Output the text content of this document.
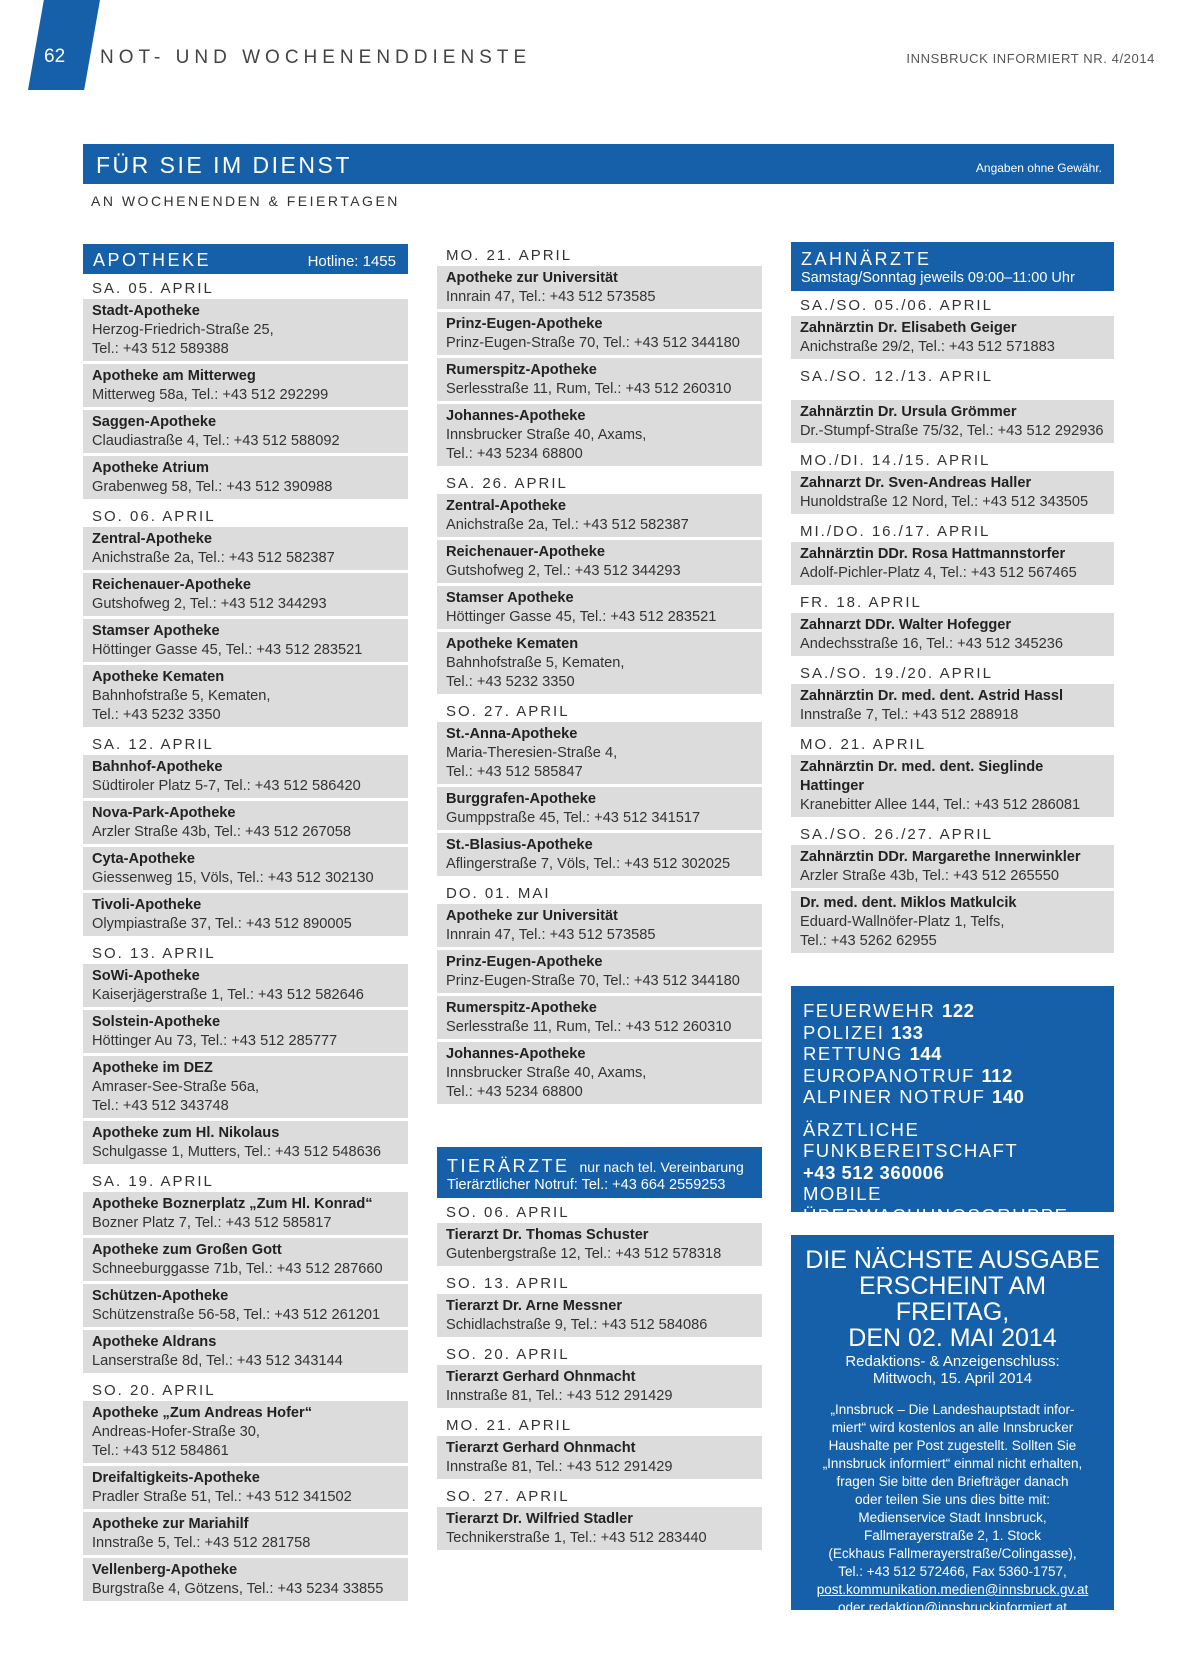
62 NOT- UND WOCHENENDDIENSTE	INNSBRUCK INFORMIERT NR. 4/2014
FÜR SIE IM DIENST	Angaben ohne Gewähr.
AN WOCHENENDEN & FEIERTAGEN
APOTHEKE	Hotline: 1455
SA. 05. APRIL
Stadt-Apotheke
Herzog-Friedrich-Straße 25,
Tel.: +43 512 589388
Apotheke am Mitterweg
Mitterweg 58a, Tel.: +43 512 292299
Saggen-Apotheke
Claudiastraße 4, Tel.: +43 512 588092
Apotheke Atrium
Grabenweg 58, Tel.: +43 512 390988
SO. 06. APRIL
Zentral-Apotheke
Anichstraße 2a, Tel.: +43 512 582387
Reichenauer-Apotheke
Gutshofweg 2, Tel.: +43 512 344293
Stamser Apotheke
Höttinger Gasse 45, Tel.: +43 512 283521
Apotheke Kematen
Bahnhofstraße 5, Kematen,
Tel.: +43 5232 3350
SA. 12. APRIL
Bahnhof-Apotheke
Südtiroler Platz 5-7, Tel.: +43 512 586420
Nova-Park-Apotheke
Arzler Straße 43b, Tel.: +43 512 267058
Cyta-Apotheke
Giessenweg 15, Völs, Tel.: +43 512 302130
Tivoli-Apotheke
Olympiastraße 37, Tel.: +43 512 890005
SO. 13. APRIL
SoWi-Apotheke
Kaiserjägerstraße 1, Tel.: +43 512 582646
Solstein-Apotheke
Höttinger Au 73, Tel.: +43 512 285777
Apotheke im DEZ
Amraser-See-Straße 56a,
Tel.: +43 512 343748
Apotheke zum Hl. Nikolaus
Schulgasse 1, Mutters, Tel.: +43 512 548636
SA. 19. APRIL
Apotheke Boznerplatz „Zum Hl. Konrad“
Bozner Platz 7, Tel.: +43 512 585817
Apotheke zum Großen Gott
Schneeburggasse 71b, Tel.: +43 512 287660
Schützen-Apotheke
Schützenstraße 56-58, Tel.: +43 512 261201
Apotheke Aldrans
Lanserstraße 8d, Tel.: +43 512 343144
SO. 20. APRIL
Apotheke „Zum Andreas Hofer“
Andreas-Hofer-Straße 30,
Tel.: +43 512 584861
Dreifaltigkeits-Apotheke
Pradler Straße 51, Tel.: +43 512 341502
Apotheke zur Mariahilf
Innstraße 5, Tel.: +43 512 281758
Vellenberg-Apotheke
Burgstraße 4, Götzens, Tel.: +43 5234 33855
MO. 21. APRIL
Apotheke zur Universität
Innrain 47, Tel.: +43 512 573585
Prinz-Eugen-Apotheke
Prinz-Eugen-Straße 70, Tel.: +43 512 344180
Rumerspitz-Apotheke
Serlesstraße 11, Rum, Tel.: +43 512 260310
Johannes-Apotheke
Innsbrucker Straße 40, Axams,
Tel.: +43 5234 68800
SA. 26. APRIL
Zentral-Apotheke
Anichstraße 2a, Tel.: +43 512 582387
Reichenauer-Apotheke
Gutshofweg 2, Tel.: +43 512 344293
Stamser Apotheke
Höttinger Gasse 45, Tel.: +43 512 283521
Apotheke Kematen
Bahnhofstraße 5, Kematen,
Tel.: +43 5232 3350
SO. 27. APRIL
St.-Anna-Apotheke
Maria-Theresien-Straße 4,
Tel.: +43 512 585847
Burggrafen-Apotheke
Gumppstraße 45, Tel.: +43 512 341517
St.-Blasius-Apotheke
Aflingerstraße 7, Völs, Tel.: +43 512 302025
DO. 01. MAI
Apotheke zur Universität
Innrain 47, Tel.: +43 512 573585
Prinz-Eugen-Apotheke
Prinz-Eugen-Straße 70, Tel.: +43 512 344180
Rumerspitz-Apotheke
Serlesstraße 11, Rum, Tel.: +43 512 260310
Johannes-Apotheke
Innsbrucker Straße 40, Axams,
Tel.: +43 5234 68800
TIERÄRZTE nur nach tel. Vereinbarung
Tierärztlicher Notruf: Tel.: +43 664 2559253
SO. 06. APRIL
Tierarzt Dr. Thomas Schuster
Gutenbergstraße 12, Tel.: +43 512 578318
SO. 13. APRIL
Tierarzt Dr. Arne Messner
Schidlachstraße 9, Tel.: +43 512 584086
SO. 20. APRIL
Tierarzt Gerhard Ohnmacht
Innstraße 81, Tel.: +43 512 291429
MO. 21. APRIL
Tierarzt Gerhard Ohnmacht
Innstraße 81, Tel.: +43 512 291429
SO. 27. APRIL
Tierarzt Dr. Wilfried Stadler
Technikerstraße 1, Tel.: +43 512 283440
ZAHNÄRZTE
Samstag/Sonntag jeweils 09:00–11:00 Uhr
SA./SO. 05./06. APRIL
Zahnärztin Dr. Elisabeth Geiger
Anichstraße 29/2, Tel.: +43 512 571883
SA./SO. 12./13. APRIL
Zahnärztin Dr. Ursula Grömmer
Dr.-Stumpf-Straße 75/32, Tel.: +43 512 292936
MO./DI. 14./15. APRIL
Zahnarzt Dr. Sven-Andreas Haller
Hunoldstraße 12 Nord, Tel.: +43 512 343505
MI./DO. 16./17. APRIL
Zahnärztin DDr. Rosa Hattmannstorfer
Adolf-Pichler-Platz 4, Tel.: +43 512 567465
FR. 18. APRIL
Zahnarzt DDr. Walter Hofegger
Andechsstraße 16, Tel.: +43 512 345236
SA./SO. 19./20. APRIL
Zahnärztin Dr. med. dent. Astrid Hassl
Innstraße 7, Tel.: +43 512 288918
MO. 21. APRIL
Zahnärztin Dr. med. dent. Sieglinde Hattinger
Kranebitter Allee 144, Tel.: +43 512 286081
SA./SO. 26./27. APRIL
Zahnärztin DDr. Margarethe Innerwinkler
Arzler Straße 43b, Tel.: +43 512 265550
Dr. med. dent. Miklos Matkulcik
Eduard-Wallnöfer-Platz 1, Telfs,
Tel.: +43 5262 62955
FEUERWEHR 122
POLIZEI 133
RETTUNG 144
EUROPANOTRUF 112
ALPINER NOTRUF 140
ÄRZTLICHE FUNKBEREITSCHAFT
+43 512 360006
MOBILE ÜBERWACHUNGSGRUPPE
DIE NÄCHSTE AUSGABE
ERSCHEINT AM FREITAG,
DEN 02. MAI 2014
Redaktions- & Anzeigenschluss:
Mittwoch, 15. April 2014
„Innsbruck – Die Landeshauptstadt infor-
miert“ wird kostenlos an alle Innsbrucker
Haushalte per Post zugestellt. Sollten Sie
„Innsbruck informiert“ einmal nicht erhalten,
fragen Sie bitte den Briefträger danach
oder teilen Sie uns dies bitte mit:
Medienservice Stadt Innsbruck,
Fallmerayerstraße 2, 1. Stock
(Eckhaus Fallmerayerstraße/Colingasse),
Tel.: +43 512 572466, Fax 5360-1757,
post.kommunikation.medien@innsbruck.gv.at
oder redaktion@innsbruckinformiert.at
www.innsbruckinformiert.at
